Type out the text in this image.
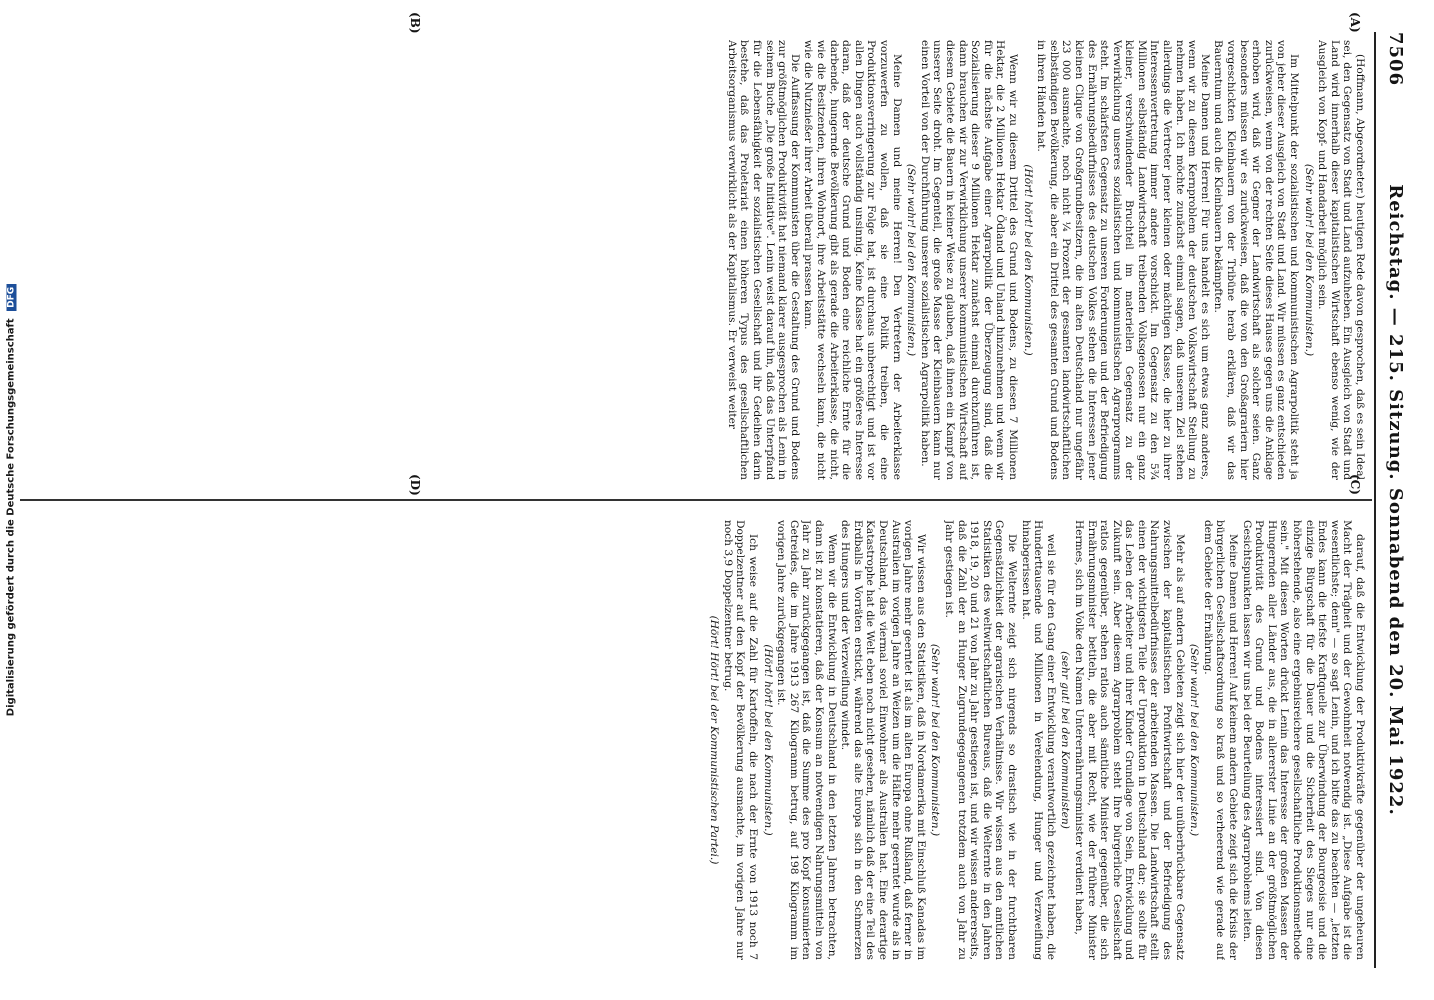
7506
Reichstag. — 215. Sitzung. Sonnabend den 20. Mai 1922.
(A)
(B)
(C)
(D)

(Hoffmann, Abgeordneter.) heutigen Rede davon gesprochen, daß es sein Ideal sei, den Gegensatz von Stadt und Land aufzuheben. Ein Ausgleich von Stadt und Land wird innerhalb dieser kapitalistischen Wirtschaft ebenso wenig, wie der Ausgleich von Kopf- und Handarbeit möglich sein.

(Sehr wahr! bei den Kommunisten.)

Im Mittelpunkt der sozialistischen und kommunistischen Agrarpolitik steht ja von jeher dieser Ausgleich von Stadt und Land. Wir müssen es ganz entschieden zurückweisen, wenn von der rechten Seite dieses Hauses gegen uns die Anklage erhoben wird, daß wir Gegner der Landwirtschaft als solcher seien. Ganz besonders müssen wir es zurückweisen, daß die von den Großagrariern hier vorgeschickten Kleinbauern von der Tribüne herab erklären, daß wir das Bauerntum und auch die Kleinbauern bekämpften.

Meine Damen und Herren! Für uns handelt es sich um etwas ganz anderes, wenn wir zu diesem Kernproblem der deutschen Volkswirtschaft Stellung zu nehmen haben. Ich möchte zunächst einmal sagen, daß unserem Ziel stehen allerdings die Vertreter jener kleinen oder mächtigen Klasse, die hier zu ihrer Interessenvertretung immer andere vorschickt. Im Gegensatz zu den 5¾ Millionen selbständig Landwirtschaft treibenden Volksgenossen nur ein ganz kleiner, verschwindender Bruchteil im materiellen Gegensatz zu der Verwirklichung unseres sozialistischen und kommunistischen Agrarprogramms steht. Im schärfsten Gegensatz zu unseren Forderungen und der Befriedigung des Ernährungsbedürfnisses des deutschen Volkes stehen die Interessen jener kleinen Clique von Großgrundbesitzern, die im alten Deutschland nur ungefähr 23 000 ausmachte, noch nicht ¼ Prozent der gesamten landwirtschaftlichen selbständigen Bevölkerung, die aber ein Drittel des gesamten Grund und Bodens in ihren Händen hat.

(Hört! hört! bei den Kommunisten.)

Wenn wir zu diesem Drittel des Grund und Bodens, zu diesen 7 Millionen Hektar, die 2 Millionen Hektar Ödland und Unland hinzunehmen und wenn wir für die nächste Aufgabe einer Agrarpolitik der Überzeugung sind, daß die Sozialisierung dieser 9 Millionen Hektar zunächst einmal durchzuführen ist, dann brauchen wir zur Verwirklichung unserer kommunistischen Wirtschaft auf diesem Gebiete die Bauern in keiner Weise zu glauben, daß ihnen ein Kampf von unserer Seite droht. Im Gegenteil, die große Masse der Kleinbauern kann nur einen Vorteil von der Durchführung unserer sozialistischen Agrarpolitik haben.

(Sehr wahr! bei den Kommunisten.)

Meine Damen und meine Herren! Den Vertretern der Arbeiterklasse vorzuwerfen zu wollen, daß sie eine Politik treiben, die eine Produktionsverringerung zur Folge hat, ist durchaus unberechtigt und ist vor allen Dingen auch vollständig unsinnig. Keine Klasse hat ein größeres Interesse daran, daß der deutsche Grund und Boden eine reichliche Ernte für die darbende, hungernde Bevölkerung gibt als gerade die Arbeiterklasse, die nicht, wie die Besitzenden, ihren Wohnort, ihre Arbeitsstätte wechseln kann, die nicht wie die Nutznießer ihrer Arbeit überall prassen kann.

Die Auffassung der Kommunisten über die Gestaltung des Grund und Bodens zur größtmöglichen Produktivität hat niemand klarer ausgesprochen als Lenin in seinem Buche „Die große Initiative". Lenin weist darauf hin, daß das Unterpfand für die Lebensfähigkeit der sozialistischen Gesellschaft und ihr Gedeihen darin bestehe, daß das Proletariat einen höheren Typus des gesellschaftlichen Arbeitsorganismus verwirklicht als der Kapitalismus. Er verweist weiter

darauf, daß die Entwicklung der Produktivkräfte gegenüber der ungeheuren Macht der Trägheit und der Gewohnheit notwendig ist. „Diese Aufgabe ist die wesentlichste; denn" — so sagt Lenin, und ich bitte das zu beachten — „letzten Endes kann die tiefste Kraftquelle zur Überwindung der Bourgeoisie und die einzige Bürgschaft für die Dauer und die Sicherheit des Sieges nur eine höherstehende, also eine ergebnisreichere gesellschaftliche Produktionsmethode sein." Mit diesen Worten drückt Lenin das Interesse der großen Massen der Hungernden aller Länder aus, die in allererster Linie an der größtmöglichen Produktivität des Grund und Bodens interessiert sind. Von diesen Gesichtspunkten lassen wir uns bei der Beurteilung des Agrarproblems leiten.

Meine Damen und Herren! Auf keinem andern Gebiete zeigt sich die Krisis der bürgerlichen Gesellschaftsordnung so kraß und so verheerend wie gerade auf dem Gebiete der Ernährung.

(Sehr wahr! bei den Kommunisten.)

Mehr als auf andern Gebieten zeigt sich hier der unüberbrückbare Gegensatz zwischen der kapitalistischen Profitwirtschaft und der Befriedigung des Nahrungsmittelbedürfnisses der arbeitenden Massen. Die Landwirtschaft stellt einen der wichtigsten Teile der Urproduktion in Deutschland dar; sie sollte für das Leben der Arbeiter und ihrer Kinder Grundlage von Sein, Entwicklung und Zukunft sein. Aber diesem Agrarproblem steht Ihre bürgerliche Gesellschaft ratlos gegenüber, stehen ratlos auch sämtliche Minister gegenüber, die sich Ernährungsminister betiteln, die aber mit Recht, wie der frühere Minister Hermes, sich im Volke den Namen Unterernährungsminister verdient haben,

(sehr gut! bei den Kommunisten)

weil sie für den Gang einer Entwicklung verantwortlich gezeichnet haben, die Hunderttausende und Millionen in Verelendung, Hunger und Verzweiflung hinabgerissen hat.

Die Welternte zeigt sich nirgends so drastisch wie in der furchtbaren Gegensätzlichkeit der agrarischen Verhältnisse. Wir wissen aus den amtlichen Statistiken des weltwirtschaftlichen Bureaus, daß die Welternte in den Jahren 1918, 19, 20 und 21 von Jahr zu Jahr gestiegen ist, und wir wissen andererseits, daß die Zahl der an Hunger Zugrundegegangenen trotzdem auch von Jahr zu Jahr gestiegen ist.

(Sehr wahr! bei den Kommunisten.)

Wir wissen aus den Statistiken, daß in Nordamerika mit Einschluß Kanadas im vorigen Jahre mehr geerntet ist als im alten Europa ohne Rußland, daß ferner in Australien im vorigen Jahre an Weizen um die Hälfte mehr geerntet wurde als in Deutschland, das viermal soviel Einwohner als Australien hat. Eine derartige Katastrophe hat die Welt eben noch nicht gesehen, nämlich daß der eine Teil des Erdballs in Vorräten erstickt, während das alte Europa sich in den Schmerzen des Hungers und der Verzweiflung windet.

Wenn wir die Entwicklung in Deutschland in den letzten Jahren betrachten, dann ist zu konstatieren, daß der Konsum an notwendigen Nahrungsmitteln von Jahr zu Jahr zurückgegangen ist, daß die Summe des pro Kopf konsumierten Getreides, die im Jahre 1913 267 Kilogramm betrug, auf 198 Kilogramm im vorigen Jahre zurückgegangen ist.

(Hört! hört! bei den Kommunisten.)

Ich weise auf die Zahl für Kartoffeln, die nach der Ernte von 1913 noch 7 Doppelzentner auf den Kopf der Bevölkerung ausmachte, im vorigen Jahre nur noch 3,9 Doppelzentner betrug.

(Hört! Hört! bei der Kommunistischen Partei.)

Digitalisierung gefördert durch die Deutsche Forschungsgemeinschaft DFG
